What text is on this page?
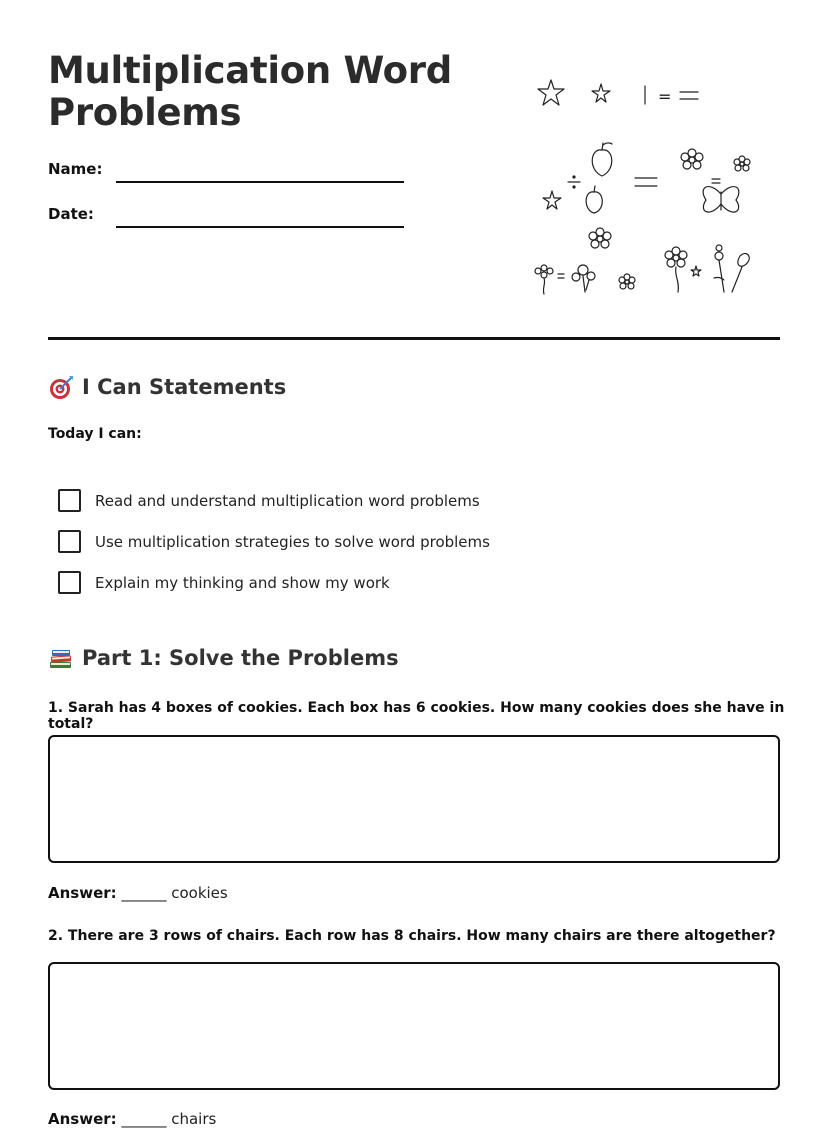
Multiplication Word Problems
Name:
Date:
=
I Can Statements
Today I can:
Read and understand multiplication word problems
Use multiplication strategies to solve word problems
Explain my thinking and show my work
Part 1: Solve the Problems
1. Sarah has 4 boxes of cookies. Each box has 6 cookies. How many cookies does she have in total?
Answer: ______ cookies
2. There are 3 rows of chairs. Each row has 8 chairs. How many chairs are there altogether?
Answer: ______ chairs
